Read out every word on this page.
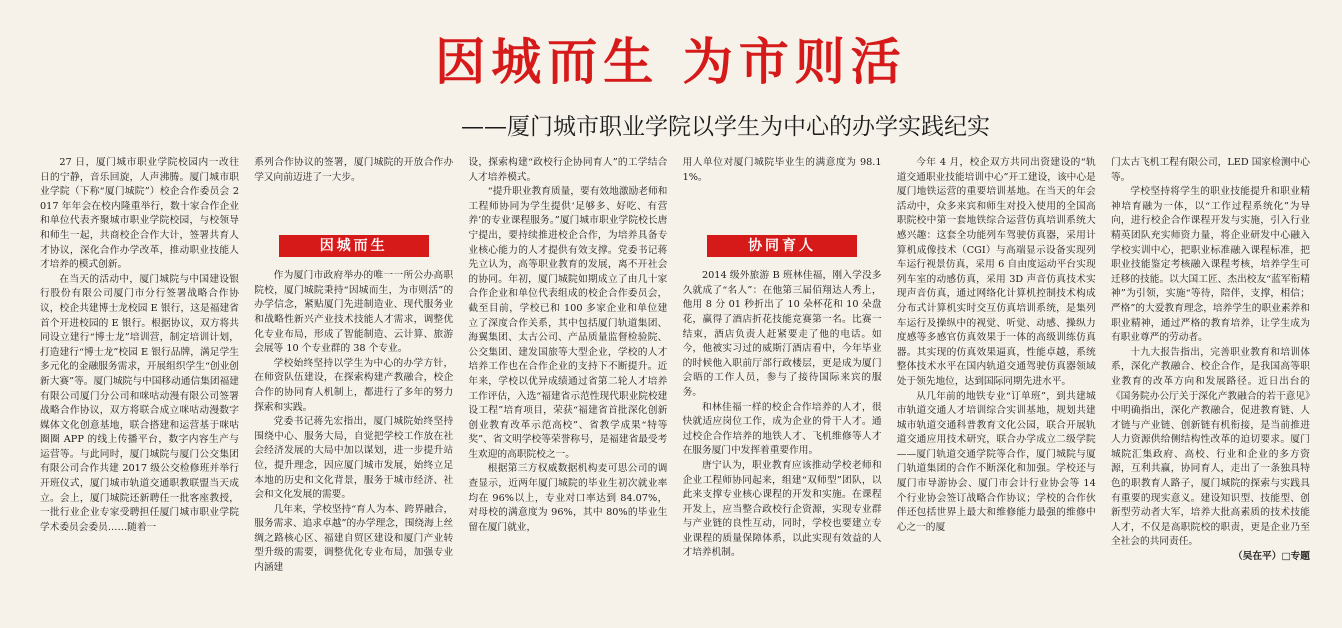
因城而生 为市则活
——厦门城市职业学院以学生为中心的办学实践纪实

27 日，厦门城市职业学院校园内一改往日的宁静，音乐回旋，人声沸腾。厦门城市职业学院（下称“厦门城院”）校企合作委员会 2017 年年会在校内隆重举行，数十家合作企业和单位代表齐聚城市职业学院校园，与校领导和师生一起，共商校企合作大计，签署共育人才协议，深化合作办学改革，推动职业技能人才培养的模式创新。

在当天的活动中，厦门城院与中国建设银行股份有限公司厦门市分行签署战略合作协议，校企共建博士龙校园 E 银行，这是福建省首个开进校园的 E 银行。根据协议，双方将共同设立建行“博士龙”培训营，制定培训计划，打造建行“博士龙”校园 E 银行品牌，满足学生多元化的金融服务需求，开展组织学生“创业创新大赛”等。厦门城院与中国移动通信集团福建有限公司厦门分公司和咪咕动漫有限公司签署战略合作协议，双方将联合成立咪咕动漫数字媒体文化创意基地，联合搭建和运营基于咪咕圈圈 APP 的线上传播平台，数字内容生产与运营等。与此同时，厦门城院与厦门公交集团有限公司合作共建 2017 级公交检修班并举行开班仪式，厦门城市轨道交通职教联盟当天成立。会上，厦门城院还新聘任一批客座教授，一批行业企业专家受聘担任厦门城市职业学院学术委员会委员……随着一

系列合作协议的签署，厦门城院的开放合作办学又向前迈进了一大步。

因城而生

作为厦门市政府举办的唯一一所公办高职院校，厦门城院秉持“因城而生，为市则活”的办学信念，紧贴厦门先进制造业、现代服务业和战略性新兴产业技术技能人才需求，调整优化专业布局，形成了智能制造、云计算、旅游会展等 10 个专业群的 38 个专业。

学校始终坚持以学生为中心的办学方针，在师资队伍建设，在探索构建产教融合，校企合作的协同育人机制上，都进行了多年的努力探索和实践。

党委书记蒋先宏指出，厦门城院始终坚持围绕中心、服务大局，自觉把学校工作放在社会经济发展的大局中加以谋划，进一步提升站位，提升理念，因应厦门城市发展，始终立足本地的历史和文化背景，服务于城市经济、社会和文化发展的需要。

几年来，学校坚持“育人为本、跨界融合，服务需求、追求卓越”的办学理念，围绕海上丝绸之路核心区、福建自贸区建设和厦门产业转型升级的需要，调整优化专业布局，加强专业内涵建

设，探索构建“政校行企协同育人”的工学结合人才培养模式。

“提升职业教育质量，要有效地激励老师和工程师协同为学生提供‘足够多、好吃、有营养’的专业课程服务。”厦门城市职业学院校长唐宁提出，要持续推进校企合作，为培养具备专业核心能力的人才提供有效支撑。党委书记蒋先立认为，高等职业教育的发展，离不开社会的协同。年初，厦门城院如期成立了由几十家合作企业和单位代表组成的校企合作委员会，截至目前，学校已和 100 多家企业和单位建立了深度合作关系，其中包括厦门轨道集团、海翼集团、太古公司、产品质量监督检验院、公交集团、建发国旅等大型企业，学校的人才培养工作也在合作企业的支持下不断提升。近年来，学校以优异成绩通过省第二轮人才培养工作评估，入选“福建省示范性现代职业院校建设工程”培育项目，荣获“福建省首批深化创新创业教育改革示范高校”、省教学成果“特等奖”、省文明学校等荣誉称号，是福建省最受考生欢迎的高职院校之一。

根据第三方权威数据机构麦可思公司的调查显示，近两年厦门城院的毕业生初次就业率均在 96%以上，专业对口率达到 84.07%，对母校的满意度为 96%，其中 80%的毕业生留在厦门就业，

用人单位对厦门城院毕业生的满意度为 98.11%。

协同育人

2014 级外旅游 B 班林佳福，刚入学没多久就成了“名人”：在他第三届佰翔达人秀上，他用 8 分 01 秒折出了 10 朵杯花和 10 朵盘花，赢得了酒店折花技能竞赛第一名。比赛一结束，酒店负责人赶紧要走了他的电话。如今，他被实习过的威斯汀酒店看中，今年毕业的时候他入职前厅部行政楼层，更是成为厦门会晤的工作人员，参与了接待国际来宾的服务。

和林佳福一样的校企合作培养的人才，很快就适应岗位工作，成为企业的骨干人才。通过校企合作培养的地铁人才、飞机维修等人才在服务厦门中发挥着重要作用。

唐宁认为，职业教育应该推动学校老师和企业工程师协同起来，组建“双师型”团队，以此来支撑专业核心课程的开发和实施。在课程开发上，应当整合政校行企资源，实现专业群与产业链的良性互动，同时，学校也要建立专业课程的质量保障体系，以此实现有效益的人才培养机制。

今年 4 月，校企双方共同出资建设的“轨道交通职业技能培训中心”开工建设，该中心是厦门地铁运营的重要培训基地。在当天的年会活动中，众多来宾和师生对投入使用的全国高职院校中第一套地铁综合运营仿真培训系统大感兴趣：这套全功能列车驾驶仿真器，采用计算机成像技术（CGI）与高端显示设备实现列车运行视景仿真，采用 6 自由度运动平台实现列车室的动感仿真，采用 3D 声音仿真技术实现声音仿真，通过网络化计算机控制技术构成分布式计算机实时交互仿真培训系统，是集列车运行及操纵中的视觉、听觉、动感、操纵力度感等多感官仿真效果于一体的高级训练仿真器。其实现的仿真效果逼真，性能卓越，系统整体技术水平在国内轨道交通驾驶仿真器领域处于领先地位，达到国际同期先进水平。

从几年前的地铁专业“订单班”，到共建城市轨道交通人才培训综合实训基地，规划共建城市轨道交通科普教育文化公园，联合开展轨道交通应用技术研究，联合办学成立二级学院——厦门轨道交通学院等合作，厦门城院与厦门轨道集团的合作不断深化和加强。学校还与厦门市导游协会、厦门市会计行业协会等 14 个行业协会签订战略合作协议；学校的合作伙伴还包括世界上最大和维修能力最强的维修中心之一的厦

门太古飞机工程有限公司，LED 国家检测中心等。

学校坚持将学生的职业技能提升和职业精神培育融为一体，以“工作过程系统化”为导向，进行校企合作课程开发与实施，引入行业精英团队充实师资力量，将企业研发中心融入学校实训中心，把职业标准融入课程标准，把职业技能鉴定考核融入课程考核，培养学生可迁移的技能。以大国工匠、杰出校友“蓝军衔精神”为引领，实施“等待，陪伴，支撑，相信；严格”的大爱教育理念，培养学生的职业素养和职业精神，通过严格的教育培养，让学生成为有职业尊严的劳动者。

十九大报告指出，完善职业教育和培训体系，深化产教融合、校企合作，是我国高等职业教育的改革方向和发展路径。近日出台的《国务院办公厅关于深化产教融合的若干意见》中明确指出，深化产教融合，促进教育链、人才链与产业链、创新链有机衔接，是当前推进人力资源供给侧结构性改革的迫切要求。厦门城院汇集政府、高校、行业和企业的多方资源，互利共赢，协同育人，走出了一条独具特色的职教育人路子，厦门城院的探索与实践具有重要的现实意义。建设知识型、技能型、创新型劳动者大军，培养大批高素质的技术技能人才，不仅是高职院校的职责，更是企业乃至全社会的共同责任。

（吴在平）□专题
